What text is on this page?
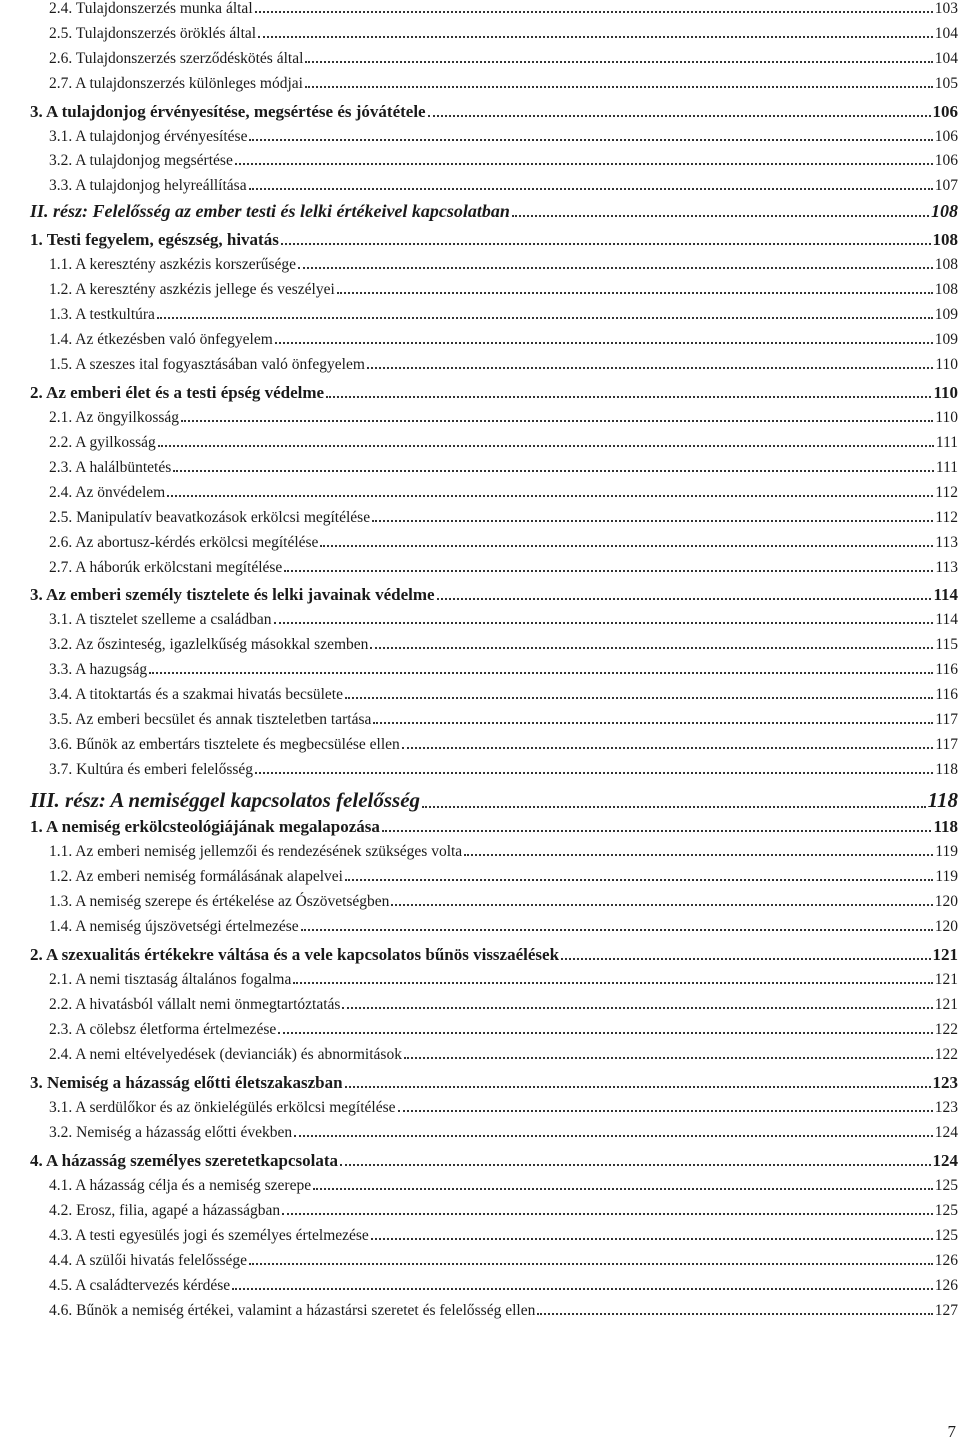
2.4. Tulajdonszerzés munka által	103
2.5. Tulajdonszerzés öröklés által	104
2.6. Tulajdonszerzés szerződéskötés által	104
2.7. A tulajdonszerzés különleges módjai	105
3. A tulajdonjog érvényesítése, megsértése és jóvátétele	106
3.1. A tulajdonjog érvényesítése	106
3.2. A tulajdonjog megsértése	106
3.3. A tulajdonjog helyreállítása	107
II. rész: Felelősség az ember testi és lelki értékeivel kapcsolatban	108
1. Testi fegyelem, egészség, hivatás	108
1.1. A keresztény aszkézis korszerűsége	108
1.2. A keresztény aszkézis jellege és veszélyei	108
1.3. A testkultúra	109
1.4. Az étkezésben való önfegyelem	109
1.5. A szeszes ital fogyasztásában való önfegyelem	110
2. Az emberi élet és a testi épség védelme	110
2.1. Az öngyilkosság	110
2.2. A gyilkosság	111
2.3. A halálbüntetés	111
2.4. Az önvédelem	112
2.5. Manipulatív beavatkozások erkölcsi megítélése	112
2.6. Az abortusz-kérdés erkölcsi megítélése	113
2.7. A háborúk erkölcstani megítélése	113
3. Az emberi személy tisztelete és lelki javainak védelme	114
3.1. A tisztelet szelleme a családban	114
3.2. Az őszinteség, igazlelkűség másokkal szemben	115
3.3. A hazugság	116
3.4. A titoktartás és a szakmai hivatás becsülete	116
3.5. Az emberi becsület és annak tiszteletben tartása	117
3.6. Bűnök az embertárs tisztelete és megbecsülése ellen	117
3.7. Kultúra és emberi felelősség	118
III. rész: A nemiséggel kapcsolatos felelősség	118
1. A nemiség erkölcsteológiájának megalapozása	118
1.1. Az emberi nemiség jellemzői és rendezésének szükséges volta	119
1.2. Az emberi nemiség formálásának alapelvei	119
1.3. A nemiség szerepe és értékelése az Ószövetségben	120
1.4. A nemiség újszövetségi értelmezése	120
2. A szexualitás értékekre váltása és a vele kapcsolatos bűnös visszaélések	121
2.1. A nemi tisztaság általános fogalma	121
2.2. A hivatásból vállalt nemi önmegtartóztatás	121
2.3. A cölebsz életforma értelmezése	122
2.4. A nemi eltévelyedések (devianciák) és abnormitások	122
3. Nemiség a házasság előtti életszakaszban	123
3.1. A serdülőkor és az önkielégülés erkölcsi megítélése	123
3.2. Nemiség a házasság előtti években	124
4. A házasság személyes szeretetkapcsolata	124
4.1. A házasság célja és a nemiség szerepe	125
4.2. Erosz, filia, agapé a házasságban	125
4.3. A testi egyesülés jogi és személyes értelmezése	125
4.4. A szülői hivatás felelőssége	126
4.5. A családtervezés kérdése	126
4.6. Bűnök a nemiség értékei, valamint a házastársi szeretet és felelősség ellen	127
7
